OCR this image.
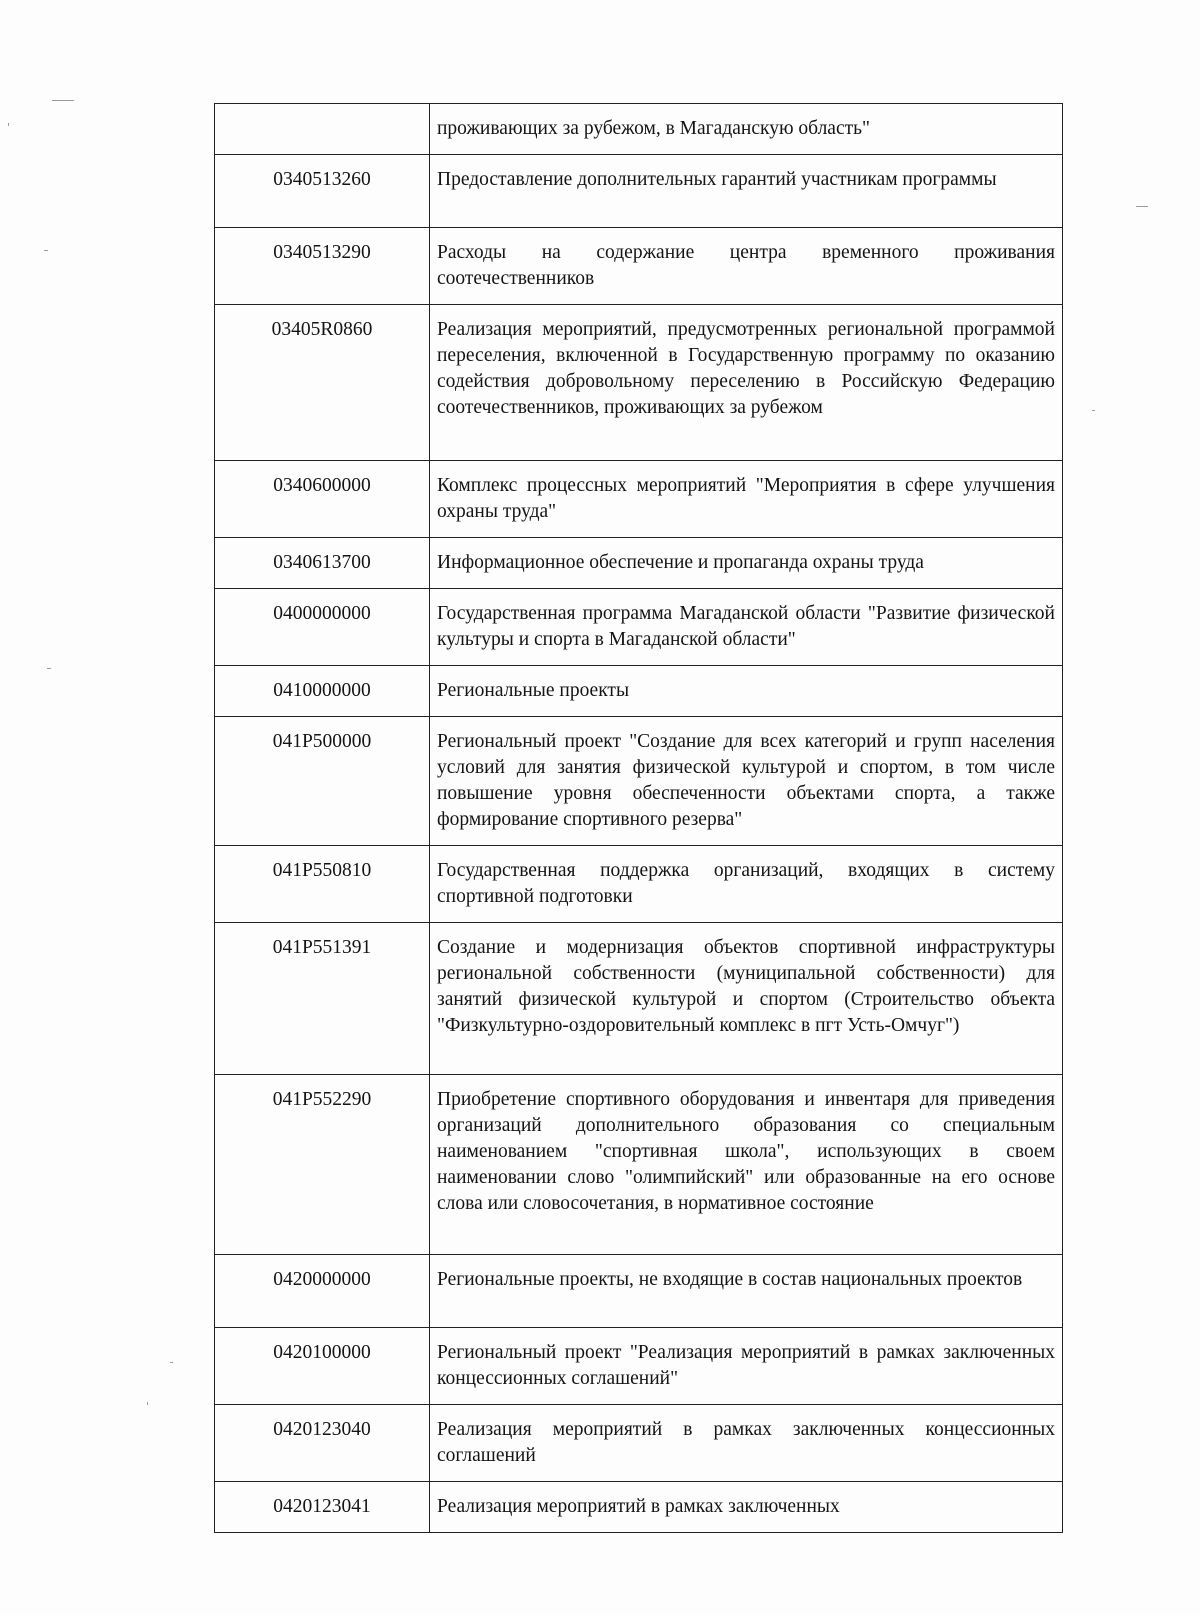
	проживающих за рубежом, в Магаданскую область"
0340513260	Предоставление дополнительных гарантий участникам программы
0340513290	Расходы на содержание центра временного проживания соотечественников
03405R0860	Реализация мероприятий, предусмотренных региональной программой переселения, включенной в Государственную программу по оказанию содействия добровольному переселению в Российскую Федерацию соотечественников, проживающих за рубежом
0340600000	Комплекс процессных мероприятий "Мероприятия в сфере улучшения охраны труда"
0340613700	Информационное обеспечение и пропаганда охраны труда
0400000000	Государственная программа Магаданской области "Развитие физической культуры и спорта в Магаданской области"
0410000000	Региональные проекты
041P500000	Региональный проект "Создание для всех категорий и групп населения условий для занятия физической культурой и спортом, в том числе повышение уровня обеспеченности объектами спорта, а также формирование спортивного резерва"
041P550810	Государственная поддержка организаций, входящих в систему спортивной подготовки
041P551391	Создание и модернизация объектов спортивной инфраструктуры региональной собственности (муниципальной собственности) для занятий физической культурой и спортом (Строительство объекта "Физкультурно-оздоровительный комплекс в пгт Усть-Омчуг")
041P552290	Приобретение спортивного оборудования и инвентаря для приведения организаций дополнительного образования со специальным наименованием "спортивная школа", использующих в своем наименовании слово "олимпийский" или образованные на его основе слова или словосочетания, в нормативное состояние
0420000000	Региональные проекты, не входящие в состав национальных проектов
0420100000	Региональный проект "Реализация мероприятий в рамках заключенных концессионных соглашений"
0420123040	Реализация мероприятий в рамках заключенных концессионных соглашений
0420123041	Реализация мероприятий в рамках заключенных
